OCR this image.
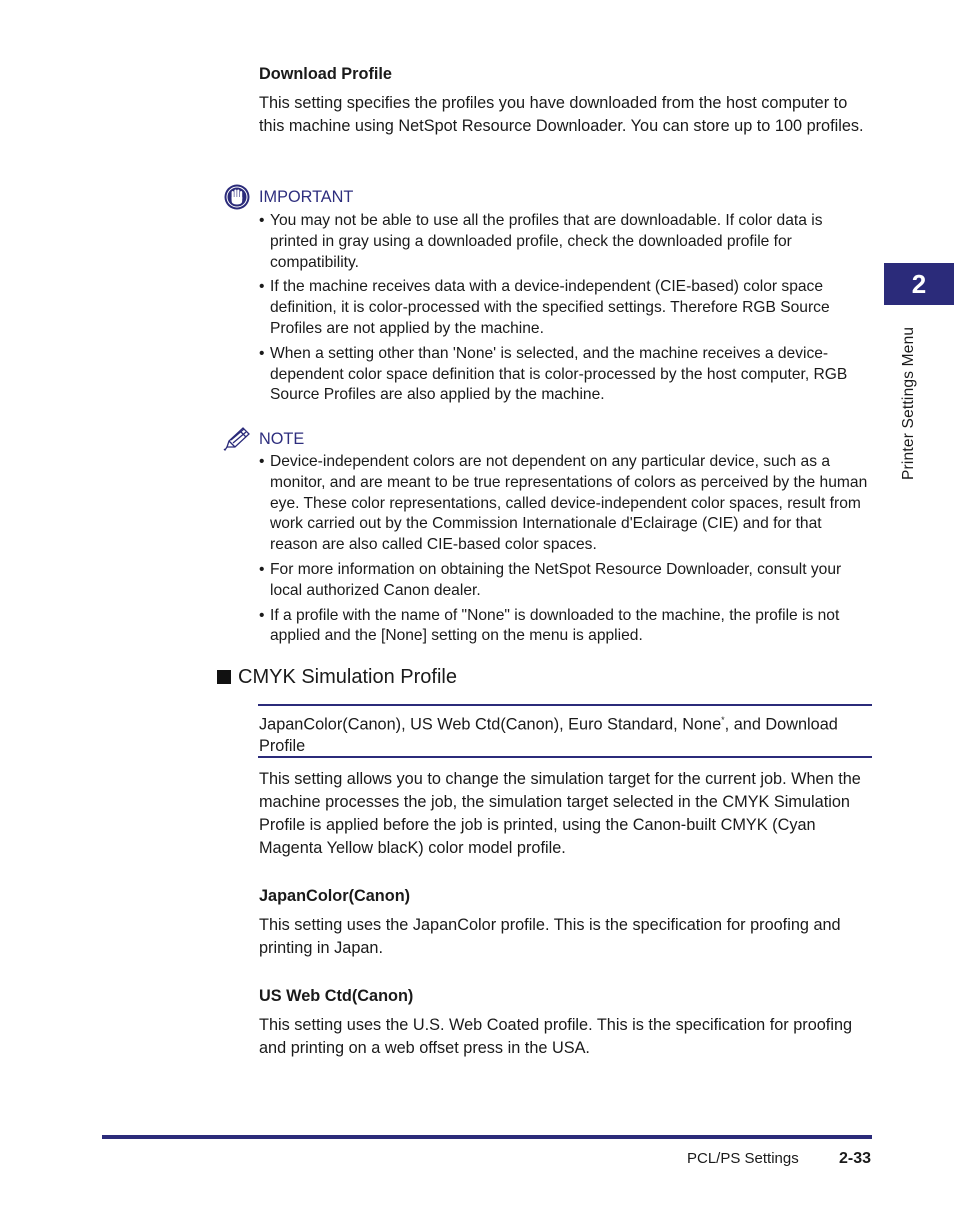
Download Profile

This setting specifies the profiles you have downloaded from the host computer to this machine using NetSpot Resource Downloader. You can store up to 100 profiles.

IMPORTANT
• You may not be able to use all the profiles that are downloadable. If color data is printed in gray using a downloaded profile, check the downloaded profile for compatibility.
• If the machine receives data with a device-independent (CIE-based) color space definition, it is color-processed with the specified settings. Therefore RGB Source Profiles are not applied by the machine.
• When a setting other than 'None' is selected, and the machine receives a device-dependent color space definition that is color-processed by the host computer, RGB Source Profiles are also applied by the machine.
NOTE
• Device-independent colors are not dependent on any particular device, such as a monitor, and are meant to be true representations of colors as perceived by the human eye. These color representations, called device-independent color spaces, result from work carried out by the Commission Internationale d'Eclairage (CIE) and for that reason are also called CIE-based color spaces.
• For more information on obtaining the NetSpot Resource Downloader, consult your local authorized Canon dealer.
• If a profile with the name of "None" is downloaded to the machine, the profile is not applied and the [None] setting on the menu is applied.
CMYK Simulation Profile
JapanColor(Canon), US Web Ctd(Canon), Euro Standard, None*, and Download Profile

This setting allows you to change the simulation target for the current job. When the machine processes the job, the simulation target selected in the CMYK Simulation Profile is applied before the job is printed, using the Canon-built CMYK (Cyan Magenta Yellow blacK) color model profile.

JapanColor(Canon)

This setting uses the JapanColor profile. This is the specification for proofing and printing in Japan.

US Web Ctd(Canon)

This setting uses the U.S. Web Coated profile. This is the specification for proofing and printing on a web offset press in the USA.

2
Printer Settings Menu
PCL/PS Settings	2-33
